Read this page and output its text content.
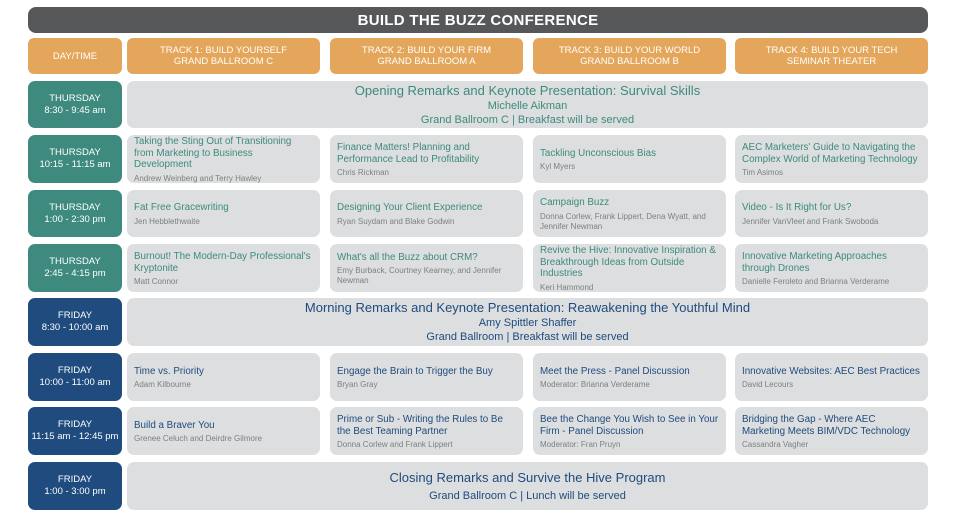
BUILD THE BUZZ CONFERENCE
DAY/TIME	TRACK 1: BUILD YOURSELF
GRAND BALLROOM C
TRACK 2: BUILD YOUR FIRM
GRAND BALLROOM A
TRACK 3: BUILD YOUR WORLD
GRAND BALLROOM B
TRACK 4: BUILD YOUR TECH
SEMINAR THEATER
THURSDAY
8:30 - 9:45 am
Opening Remarks and Keynote Presentation: Survival Skills
Michelle Aikman
Grand Ballroom C | Breakfast will be served
THURSDAY
10:15 - 11:15 am
Taking the Sting Out of Transitioning from Marketing to Business Development
Andrew Weinberg and Terry Hawley
Finance Matters! Planning and Performance Lead to Profitability
Chris Rickman
Tackling Unconscious Bias
Kyl Myers
AEC Marketers' Guide to Navigating the Complex World of Marketing Technology
Tim Asimos
THURSDAY
1:00 - 2:30 pm
Fat Free Gracewriting
Jen Hebblethwaite
Designing Your Client Experience
Ryan Suydam and Blake Godwin
Campaign Buzz
Donna Corlew, Frank Lippert, Dena Wyatt, and Jennifer Newman
Video - Is It Right for Us?
Jennifer VanVleet and Frank Swoboda
THURSDAY
2:45 - 4:15 pm
Burnout! The Modern-Day Professional's Kryptonite
Matt Connor
What's all the Buzz about CRM?
Emy Burback, Courtney Kearney, and Jennifer Newman
Revive the Hive: Innovative Inspiration & Breakthrough Ideas from Outside Industries
Keri Hammond
Innovative Marketing Approaches through Drones
Danielle Feroleto and Brianna Verderame
FRIDAY
8:30 - 10:00 am
Morning Remarks and Keynote Presentation: Reawakening the Youthful Mind
Amy Spittler Shaffer
Grand Ballroom | Breakfast will be served
FRIDAY
10:00 - 11:00 am
Time vs. Priority
Adam Kilbourne
Engage the Brain to Trigger the Buy
Bryan Gray
Meet the Press - Panel Discussion
Moderator: Brianna Verderame
Innovative Websites: AEC Best Practices
David Lecours
FRIDAY
11:15 am - 12:45 pm
Build a Braver You
Grenee Celuch and Deirdre Gilmore
Prime or Sub - Writing the Rules to Be the Best Teaming Partner
Donna Corlew and Frank Lippert
Bee the Change You Wish to See in Your Firm - Panel Discussion
Moderator: Fran Pruyn
Bridging the Gap - Where AEC Marketing Meets BIM/VDC Technology
Cassandra Vagher
FRIDAY
1:00 - 3:00 pm
Closing Remarks and Survive the Hive Program
Grand Ballroom C | Lunch will be served
